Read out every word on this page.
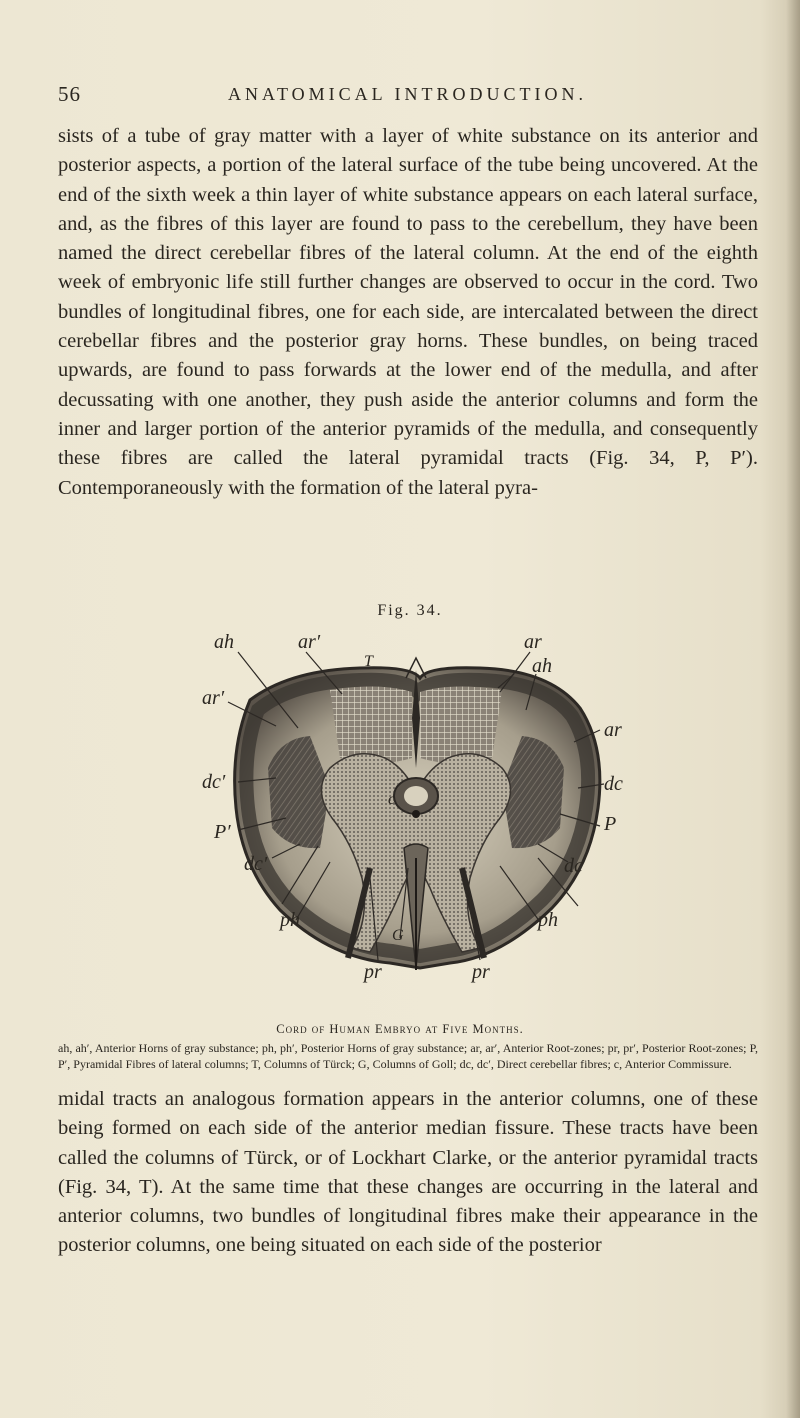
56	ANATOMICAL INTRODUCTION.
sists of a tube of gray matter with a layer of white substance on its anterior and posterior aspects, a portion of the lateral surface of the tube being uncovered. At the end of the sixth week a thin layer of white substance appears on each lateral surface, and, as the fibres of this layer are found to pass to the cerebellum, they have been named the direct cerebellar fibres of the lateral column. At the end of the eighth week of embryonic life still further changes are observed to occur in the cord. Two bundles of longitudinal fibres, one for each side, are intercalated between the direct cerebellar fibres and the posterior gray horns. These bundles, on being traced upwards, are found to pass forwards at the lower end of the medulla, and after decussating with one another, they push aside the anterior columns and form the inner and larger portion of the anterior pyramids of the medulla, and consequently these fibres are called the lateral pyramidal tracts (Fig. 34, P, P′). Contemporaneously with the formation of the lateral pyra-
Fig. 34.
ah	ar′	ar
ah
T
ar′
ar
dc′	dc
P′	P
dc′	dc
ph
G
ph
pr	pr
c
Cord of Human Embryo at Five Months.
ah, ah′, Anterior Horns of gray substance; ph, ph′, Posterior Horns of gray substance; ar, ar′, Anterior Root-zones; pr, pr′, Posterior Root-zones; P, P′, Pyramidal Fibres of lateral columns; T, Columns of Türck; G, Columns of Goll; dc, dc′, Direct cerebellar fibres; c, Anterior Commissure.
midal tracts an analogous formation appears in the anterior columns, one of these being formed on each side of the anterior median fissure. These tracts have been called the columns of Türck, or of Lockhart Clarke, or the anterior pyramidal tracts (Fig. 34, T). At the same time that these changes are occurring in the lateral and anterior columns, two bundles of longitudinal fibres make their appearance in the posterior columns, one being situated on each side of the posterior
